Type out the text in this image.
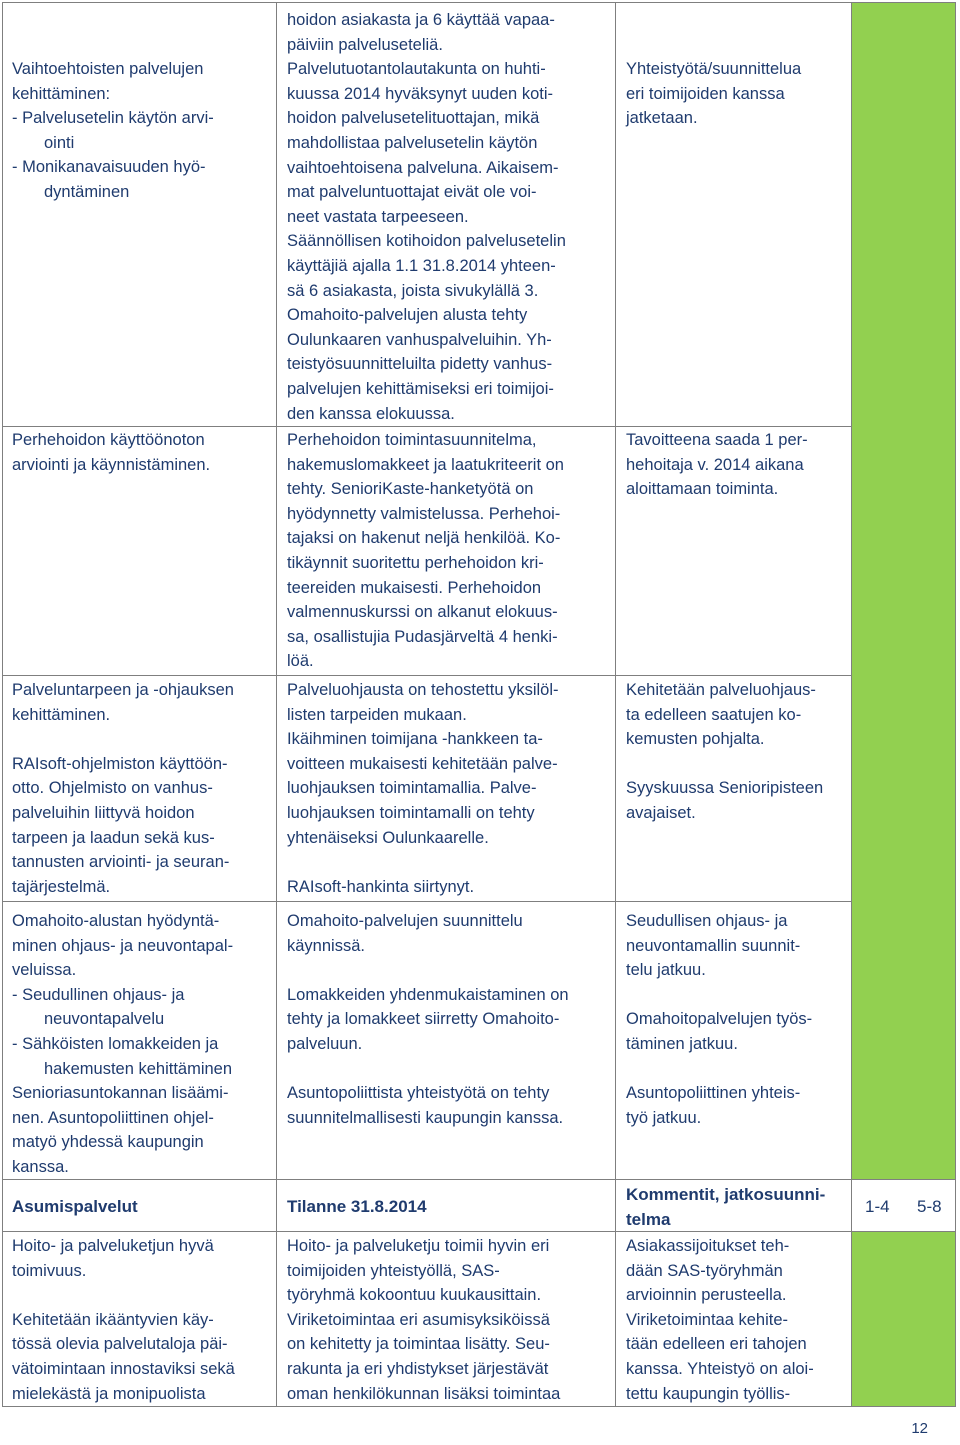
Vaihtoehtoisten palvelujen
kehittäminen:

- Palvelusetelin käytön arvi-
ointi

- Monikanavaisuuden hyö-
dyntäminen

hoidon asiakasta ja 6 käyttää vapaa-
päiviin palveluseteliä.
Palvelutuotantolautakunta on huhti-
kuussa 2014 hyväksynyt uuden koti-
hoidon palvelusetelituottajan, mikä
mahdollistaa palvelusetelin käytön
vaihtoehtoisena palveluna. Aikaisem-
mat palveluntuottajat eivät ole voi-
neet vastata tarpeeseen.
Säännöllisen kotihoidon palvelusetelin
käyttäjiä ajalla 1.1 31.8.2014 yhteen-
sä 6 asiakasta, joista sivukylällä 3.
Omahoito-palvelujen alusta tehty
Oulunkaaren vanhuspalveluihin. Yh-
teistyösuunnitteluilta pidetty vanhus-
palvelujen kehittämiseksi eri toimijoi-
den kanssa elokuussa.

Yhteistyötä/suunnittelua
eri toimijoiden kanssa
jatketaan.

Perhehoidon käyttöönoton
arviointi ja käynnistäminen.

Perhehoidon toimintasuunnitelma,
hakemuslomakkeet ja laatukriteerit on
tehty. SenioriKaste-hanketyötä on
hyödynnetty valmistelussa. Perhehoi-
tajaksi on hakenut neljä henkilöä. Ko-
tikäynnit suoritettu perhehoidon kri-
teereiden mukaisesti. Perhehoidon
valmennuskurssi on alkanut elokuus-
sa, osallistujia Pudasjärveltä 4 henki-
löä.

Tavoitteena saada 1 per-
hehoitaja v. 2014 aikana
aloittamaan toiminta.

Palveluntarpeen ja -ohjauksen
kehittäminen.

RAIsoft-ohjelmiston käyttöön-
otto. Ohjelmisto on vanhus-
palveluihin liittyvä hoidon
tarpeen ja laadun sekä kus-
tannusten arviointi- ja seuran-
tajärjestelmä.

Palveluohjausta on tehostettu yksilöl-
listen tarpeiden mukaan.
Ikäihminen toimijana -hankkeen ta-
voitteen mukaisesti kehitetään palve-
luohjauksen toimintamallia. Palve-
luohjauksen toimintamalli on tehty
yhtenäiseksi Oulunkaarelle.

RAIsoft-hankinta siirtynyt.

Kehitetään palveluohjaus-
ta edelleen saatujen ko-
kemusten pohjalta.

Syyskuussa Senioripisteen
avajaiset.

Omahoito-alustan hyödyntä-
minen ohjaus- ja neuvontapal-
veluissa.

- Seudullinen ohjaus- ja
neuvontapalvelu

- Sähköisten lomakkeiden ja
hakemusten kehittäminen

Senioriasuntokannan lisäämi-
nen. Asuntopoliittinen ohjel-
matyö yhdessä kaupungin
kanssa.

Omahoito-palvelujen suunnittelu
käynnissä.

Lomakkeiden yhdenmukaistaminen on
tehty ja lomakkeet siirretty Omahoito-
palveluun.

Asuntopoliittista yhteistyötä on tehty
suunnitelmallisesti kaupungin kanssa.

Seudullisen ohjaus- ja
neuvontamallin suunnit-
telu jatkuu.

Omahoitopalvelujen työs-
täminen jatkuu.

Asuntopoliittinen yhteis-
työ jatkuu.

Asumispalvelut	Tilanne 31.8.2014

Kommentit, jatkosuunni-
telma

1-4 5-8

Hoito- ja palveluketjun hyvä
toimivuus.

Kehitetään ikääntyvien käy-
tössä olevia palvelutaloja päi-
vätoimintaan innostaviksi sekä
mielekästä ja monipuolista

Hoito- ja palveluketju toimii hyvin eri
toimijoiden yhteistyöllä, SAS-
työryhmä kokoontuu kuukausittain.
Viriketoimintaa eri asumisyksiköissä
on kehitetty ja toimintaa lisätty. Seu-
rakunta ja eri yhdistykset järjestävät
oman henkilökunnan lisäksi toimintaa

Asiakassijoitukset teh-
dään SAS-työryhmän
arvioinnin perusteella.
Viriketoimintaa kehite-
tään edelleen eri tahojen
kanssa. Yhteistyö on aloi-
tettu kaupungin työllis-

12
